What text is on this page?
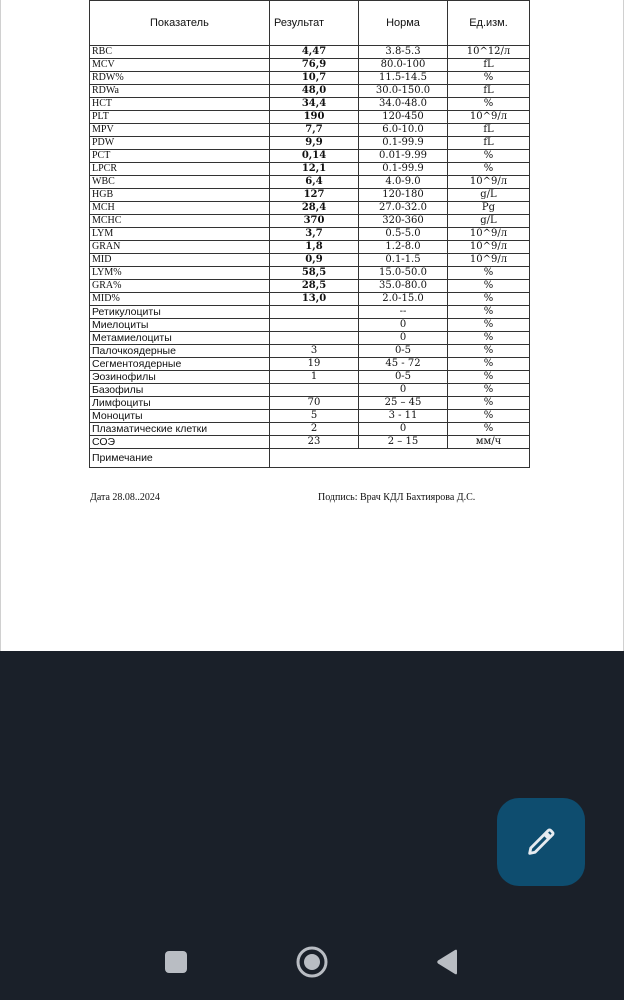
Показатель	Результат	Норма	Ед.изм.
RBC	4,47	3.8-5.3	10^12/л
MCV	76,9	80.0-100	fL
RDW%	10,7	11.5-14.5	%
RDWa	48,0	30.0-150.0	fL
HCT	34,4	34.0-48.0	%
PLT	190	120-450	10^9/л
MPV	7,7	6.0-10.0	fL
PDW	9,9	0.1-99.9	fL
PCT	0,14	0.01-9.99	%
LPCR	12,1	0.1-99.9	%
WBC	6,4	4.0-9.0	10^9/л
HGB	127	120-180	g/L
MCH	28,4	27.0-32.0	Pg
MCHC	370	320-360	g/L
LYM	3,7	0.5-5.0	10^9/л
GRAN	1,8	1.2-8.0	10^9/л
MID	0,9	0.1-1.5	10^9/л
LYM%	58,5	15.0-50.0	%
GRA%	28,5	35.0-80.0	%
MID%	13,0	2.0-15.0	%
Ретикулоциты		--	%
Миелоциты		0	%
Метамиелоциты		0	%
Палочкоядерные	3	0-5	%
Сегментоядерные	19	45 - 72	%
Эозинофилы	1	0-5	%
Базофилы		0	%
Лимфоциты	70	25 – 45	%
Моноциты	5	3 - 11	%
Плазматические клетки	2	0	%
СОЭ	23	2 – 15	мм/ч
Примечание			
Дата 28.08..2024	Подпись: Врач КДЛ Бахтиярова Д.С.
